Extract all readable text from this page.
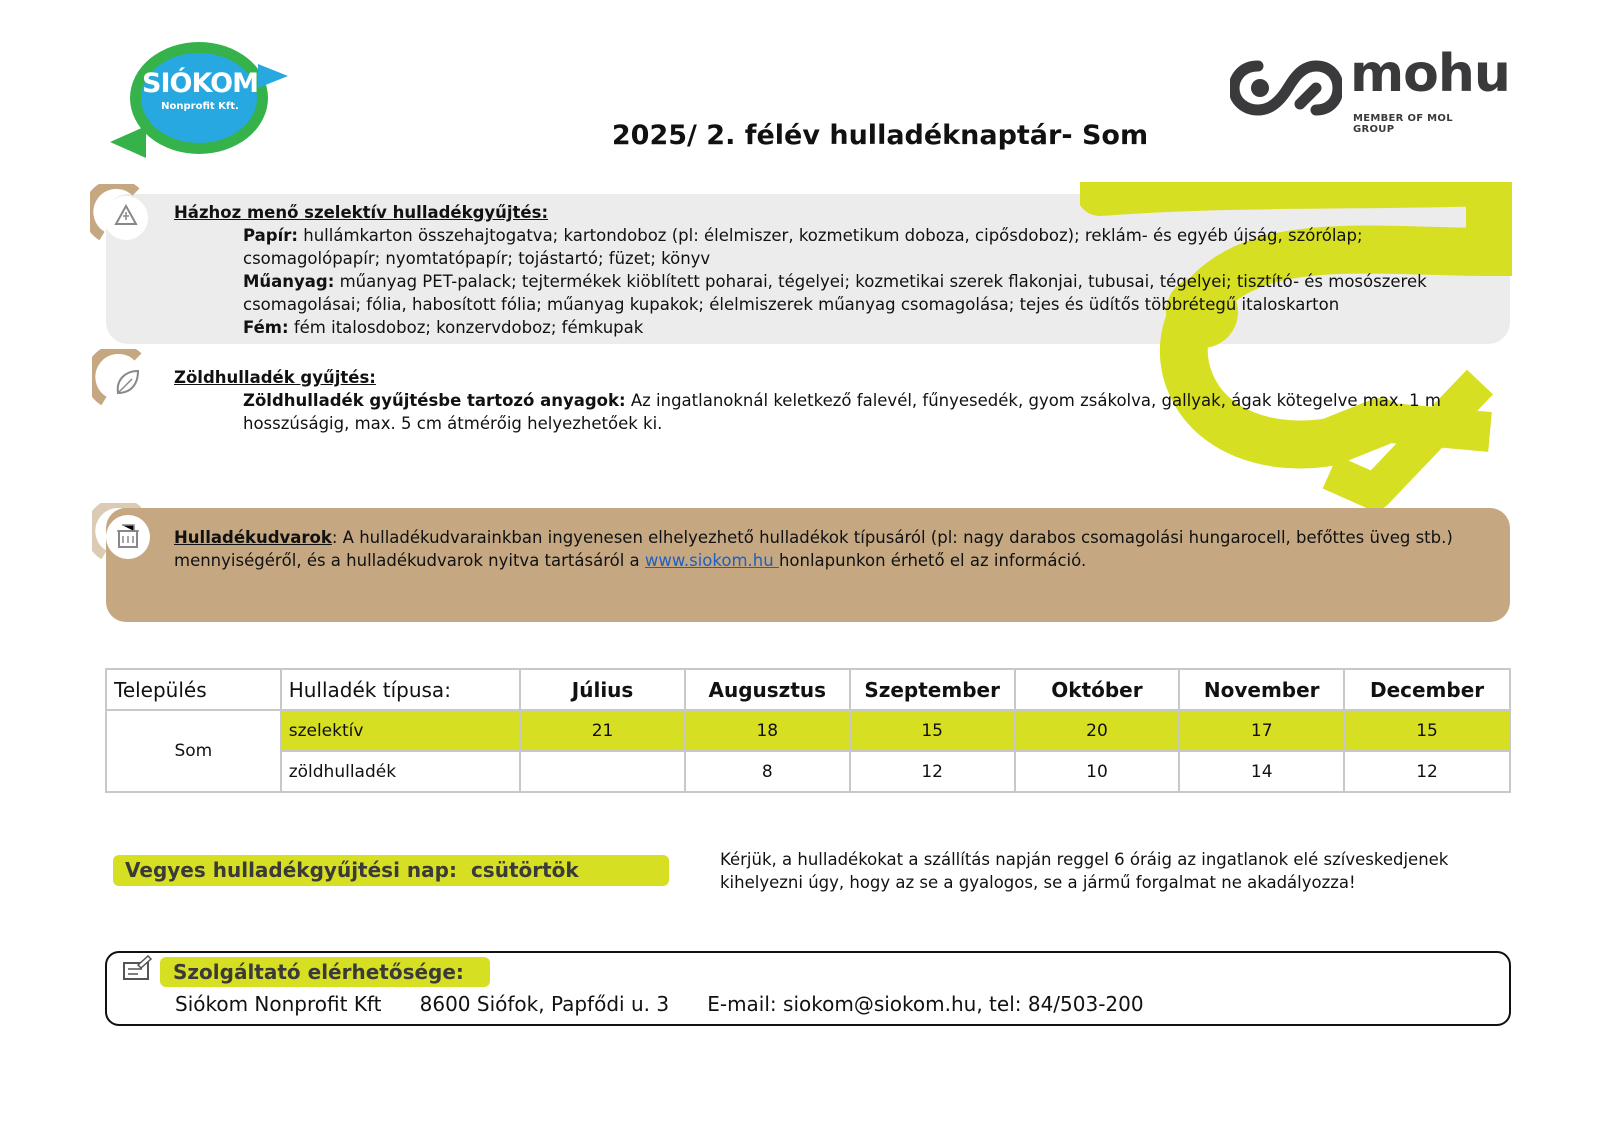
SIÓKOM
Nonprofit Kft.
mohu
MEMBER OF MOL GROUP
2025/ 2. félév hulladéknaptár- Som
Házhoz menő szelektív hulladékgyűjtés:
Papír: hullámkarton összehajtogatva; kartondoboz (pl: élelmiszer, kozmetikum doboza, cipősdoboz); reklám- és egyéb újság, szórólap; csomagolópapír; nyomtatópapír; tojástartó; füzet; könyv
Műanyag: műanyag PET-palack; tejtermékek kiöblített poharai, tégelyei; kozmetikai szerek flakonjai, tubusai, tégelyei; tisztító- és mosószerek csomagolásai; fólia, habosított fólia; műanyag kupakok; élelmiszerek műanyag csomagolása; tejes és üdítős többrétegű italoskarton
Fém: fém italosdoboz; konzervdoboz; fémkupak
Zöldhulladék gyűjtés:
Zöldhulladék gyűjtésbe tartozó anyagok: Az ingatlanoknál keletkező falevél, fűnyesedék, gyom zsákolva, gallyak, ágak kötegelve max. 1 m hosszúságig, max. 5 cm átmérőig helyezhetőek ki.
Hulladékudvarok: A hulladékudvarainkban ingyenesen elhelyezhető hulladékok típusáról (pl: nagy darabos csomagolási hungarocell, befőttes üveg stb.) mennyiségéről, és a hulladékudvarok nyitva tartásáról a www.siokom.hu honlapunkon érhető el az információ.
Település	Hulladék típusa:	Július	Augusztus	Szeptember	Október	November	December
Som	szelektív	21	18	15	20	17	15
	zöldhulladék		8	12	10	14	12
Vegyes hulladékgyűjtési nap: csütörtök	Kérjük, a hulladékokat a szállítás napján reggel 6 óráig az ingatlanok elé szíveskedjenek kihelyezni úgy, hogy az se a gyalogos, se a jármű forgalmat ne akadályozza!
Szolgáltató elérhetősége:
Siókom Nonprofit Kft 8600 Siófok, Papfődi u. 3 E-mail: siokom@siokom.hu, tel: 84/503-200
